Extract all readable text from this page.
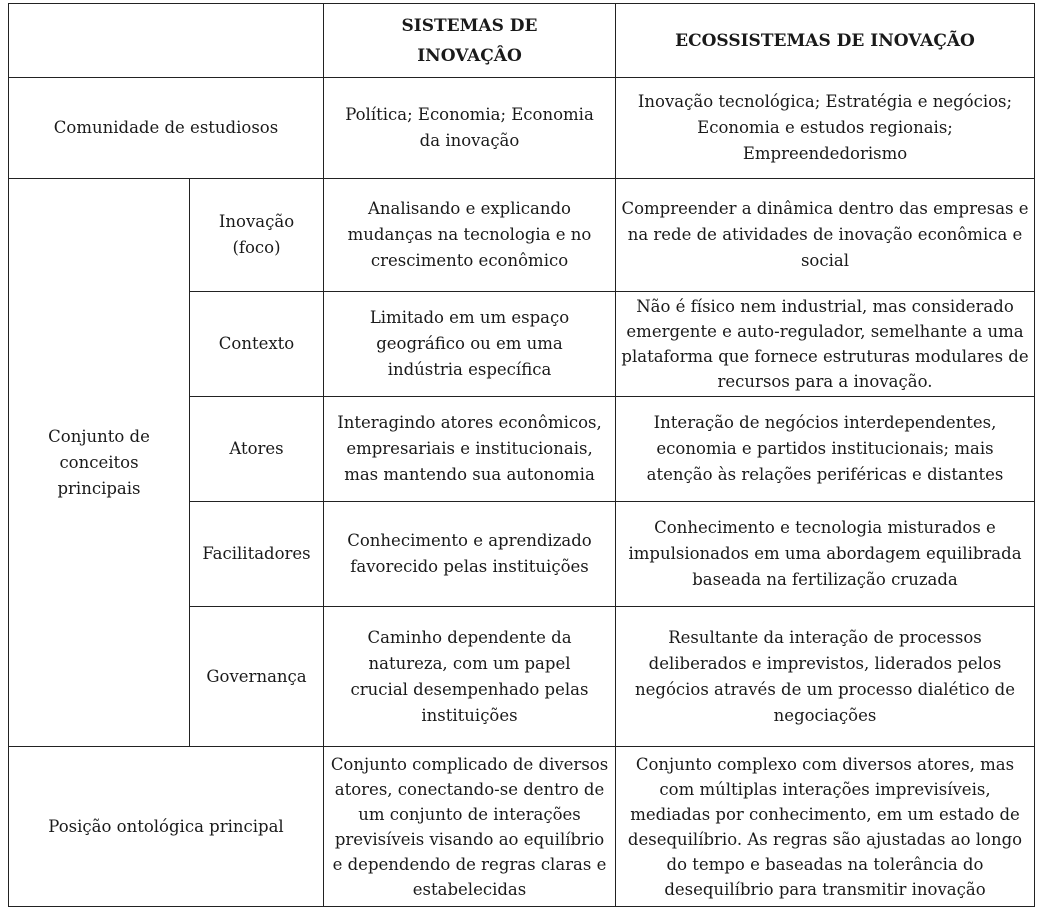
		SISTEMAS DE INOVAÇÂO	ECOSSISTEMAS DE INOVAÇÃO
Comunidade de estudiosos		Política; Economia; Economia da inovação	Inovação tecnológica; Estratégia e negócios; Economia e estudos regionais; Empreendedorismo
Conjunto de conceitos principais	Inovação (foco)	Analisando e explicando mudanças na tecnologia e no crescimento econômico	Compreender a dinâmica dentro das empresas e na rede de atividades de inovação econômica e social
	Contexto	Limitado em um espaço geográfico ou em uma indústria específica	Não é físico nem industrial, mas considerado emergente e auto-regulador, semelhante a uma plataforma que fornece estruturas modulares de recursos para a inovação.
	Atores	Interagindo atores econômicos, empresariais e institucionais, mas mantendo sua autonomia	Interação de negócios interdependentes, economia e partidos institucionais; mais atenção às relações periféricas e distantes
	Facilitadores	Conhecimento e aprendizado favorecido pelas instituições	Conhecimento e tecnologia misturados e impulsionados em uma abordagem equilibrada baseada na fertilização cruzada
	Governança	Caminho dependente da natureza, com um papel crucial desempenhado pelas instituições	Resultante da interação de processos deliberados e imprevistos, liderados pelos negócios através de um processo dialético de negociações
Posição ontológica principal		Conjunto complicado de diversos atores, conectando-se dentro de um conjunto de interações previsíveis visando ao equilíbrio e dependendo de regras claras e estabelecidas	Conjunto complexo com diversos atores, mas com múltiplas interações imprevisíveis, mediadas por conhecimento, em um estado de desequilíbrio. As regras são ajustadas ao longo do tempo e baseadas na tolerância do desequilíbrio para transmitir inovação
